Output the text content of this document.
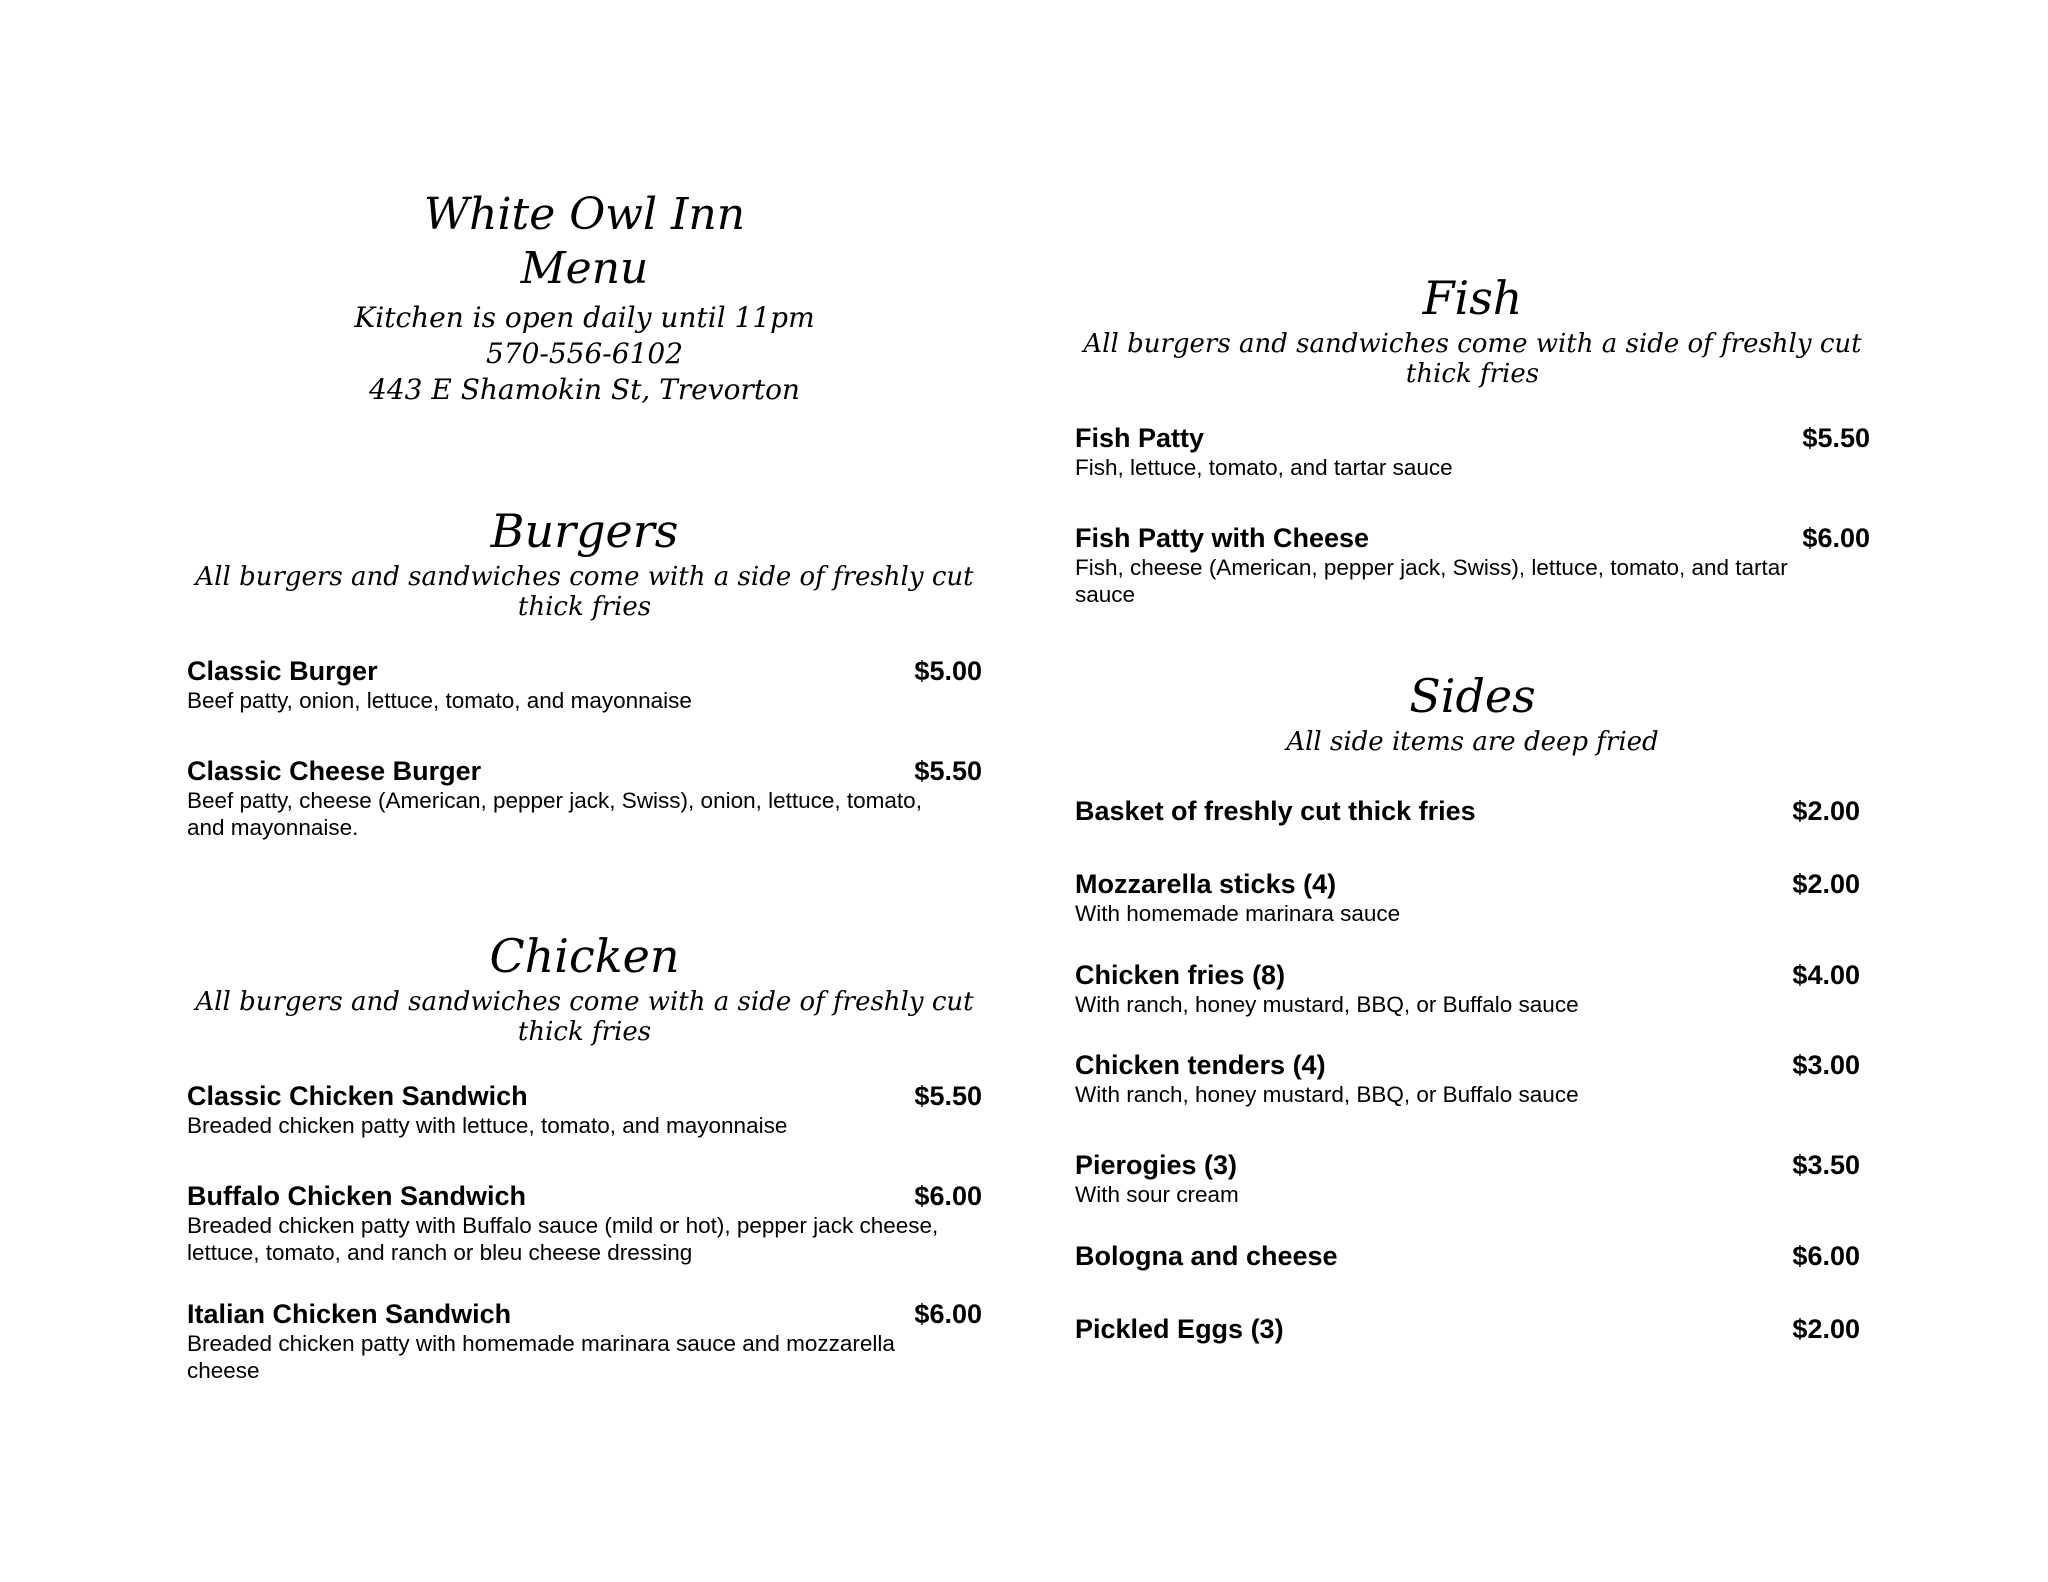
White Owl Inn
Menu
Kitchen is open daily until 11pm
570-556-6102
443 E Shamokin St, Trevorton
Burgers
All burgers and sandwiches come with a side of freshly cut thick fries
Classic Burger	$5.00
Beef patty, onion, lettuce, tomato, and mayonnaise
Classic Cheese Burger	$5.50
Beef patty, cheese (American, pepper jack, Swiss), onion, lettuce, tomato, and mayonnaise.
Chicken
All burgers and sandwiches come with a side of freshly cut thick fries
Classic Chicken Sandwich	$5.50
Breaded chicken patty with lettuce, tomato, and mayonnaise
Buffalo Chicken Sandwich	$6.00
Breaded chicken patty with Buffalo sauce (mild or hot), pepper jack cheese, lettuce, tomato, and ranch or bleu cheese dressing
Italian Chicken Sandwich	$6.00
Breaded chicken patty with homemade marinara sauce and mozzarella cheese
Fish
All burgers and sandwiches come with a side of freshly cut thick fries
Fish Patty	$5.50
Fish, lettuce, tomato, and tartar sauce
Fish Patty with Cheese	$6.00
Fish, cheese (American, pepper jack, Swiss), lettuce, tomato, and tartar sauce
Sides
All side items are deep fried
Basket of freshly cut thick fries	$2.00
Mozzarella sticks (4)	$2.00
With homemade marinara sauce
Chicken fries (8)	$4.00
With ranch, honey mustard, BBQ, or Buffalo sauce
Chicken tenders (4)	$3.00
With ranch, honey mustard, BBQ, or Buffalo sauce
Pierogies (3)	$3.50
With sour cream
Bologna and cheese	$6.00
Pickled Eggs (3)	$2.00
